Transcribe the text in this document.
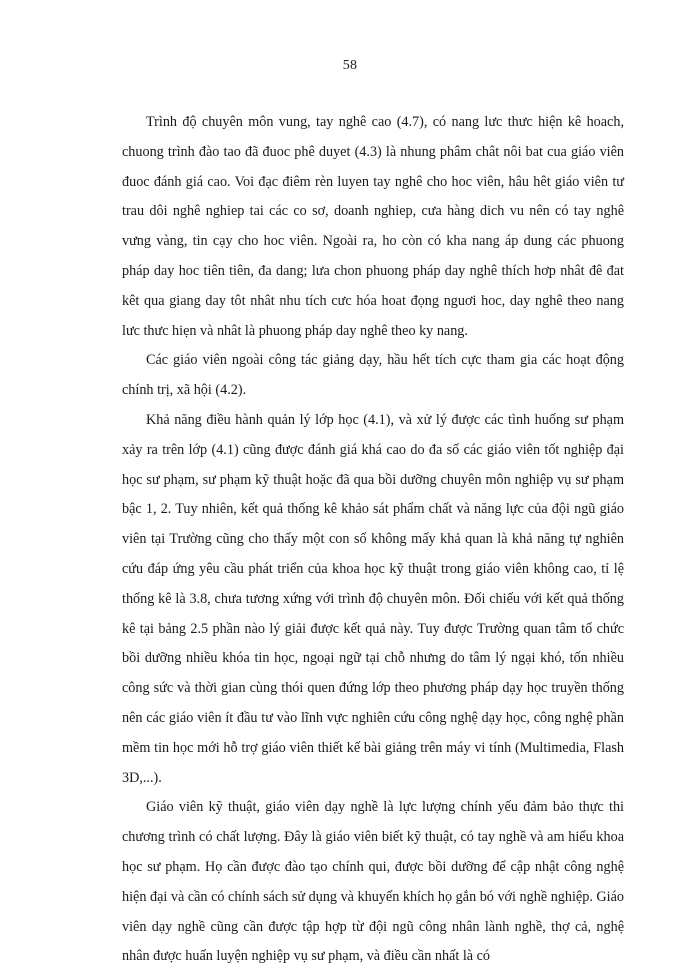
58

Trình độ chuyên môn vung, tay nghê cao (4.7), có nang lưc thưc hiện kê hoach, chuong trình đào tao đã đuoc phê duyet (4.3) là nhung phâm chât nôi bat cua giáo viên đuoc đánh giá cao. Voi đạc điêm rèn luyen tay nghê cho hoc viên, hâu hêt giáo viên tư trau dôi nghê nghiep tai các co sơ, doanh nghiep, cưa hàng dich vu nên có tay nghê vưng vàng, tin cạy cho hoc viên. Ngoài ra, ho còn có kha nang áp dung các phuong pháp day hoc tiên tiên, đa dang; lưa chon phuong pháp day nghê thích hơp nhât đê đat kêt qua giang day tôt nhât nhu tích cưc hóa hoat đọng nguơi hoc, day nghê theo nang lưc thưc hiẹn và nhât là phuong pháp day nghê theo ky nang.

Các giáo viên ngoài công tác giảng dạy, hầu hết tích cực tham gia các hoạt động chính trị, xã hội (4.2).

Khả năng điều hành quản lý lớp học (4.1), và xử lý được các tình huống sư phạm xảy ra trên lớp (4.1) cũng được đánh giá khá cao do đa số các giáo viên tốt nghiệp đại học sư phạm, sư phạm kỹ thuật hoặc đã qua bồi dưỡng chuyên môn nghiệp vụ sư phạm bậc 1, 2. Tuy nhiên, kết quả thống kê khảo sát phẩm chất và năng lực của đội ngũ giáo viên tại Trường cũng cho thấy một con số không mấy khả quan là khả năng tự nghiên cứu đáp ứng yêu cầu phát triển của khoa học kỹ thuật trong giáo viên không cao, tỉ lệ thống kê là 3.8, chưa tương xứng với trình độ chuyên môn. Đối chiếu với kết quả thống kê tại bảng 2.5 phần nào lý giải được kết quả này. Tuy được Trường quan tâm tổ chức bồi dưỡng nhiều khóa tin học, ngoại ngữ tại chỗ nhưng do tâm lý ngại khó, tốn nhiều công sức và thời gian cùng thói quen đứng lớp theo phương pháp dạy học truyền thống nên các giáo viên ít đầu tư vào lĩnh vực nghiên cứu công nghệ dạy học, công nghệ phần mềm tin học mới hỗ trợ giáo viên thiết kế bài giảng trên máy vi tính (Multimedia, Flash 3D,...).

Giáo viên kỹ thuật, giáo viên dạy nghề là lực lượng chính yếu đảm bảo thực thi chương trình có chất lượng. Đây là giáo viên biết kỹ thuật, có tay nghề và am hiểu khoa học sư phạm. Họ cần được đào tạo chính qui, được bồi dưỡng để cập nhật công nghệ hiện đại và cần có chính sách sử dụng và khuyến khích họ gắn bó với nghề nghiệp. Giáo viên dạy nghề cũng cần được tập hợp từ đội ngũ công nhân lành nghề, thợ cả, nghệ nhân được huấn luyện nghiệp vụ sư phạm, và điều cần nhất là có
